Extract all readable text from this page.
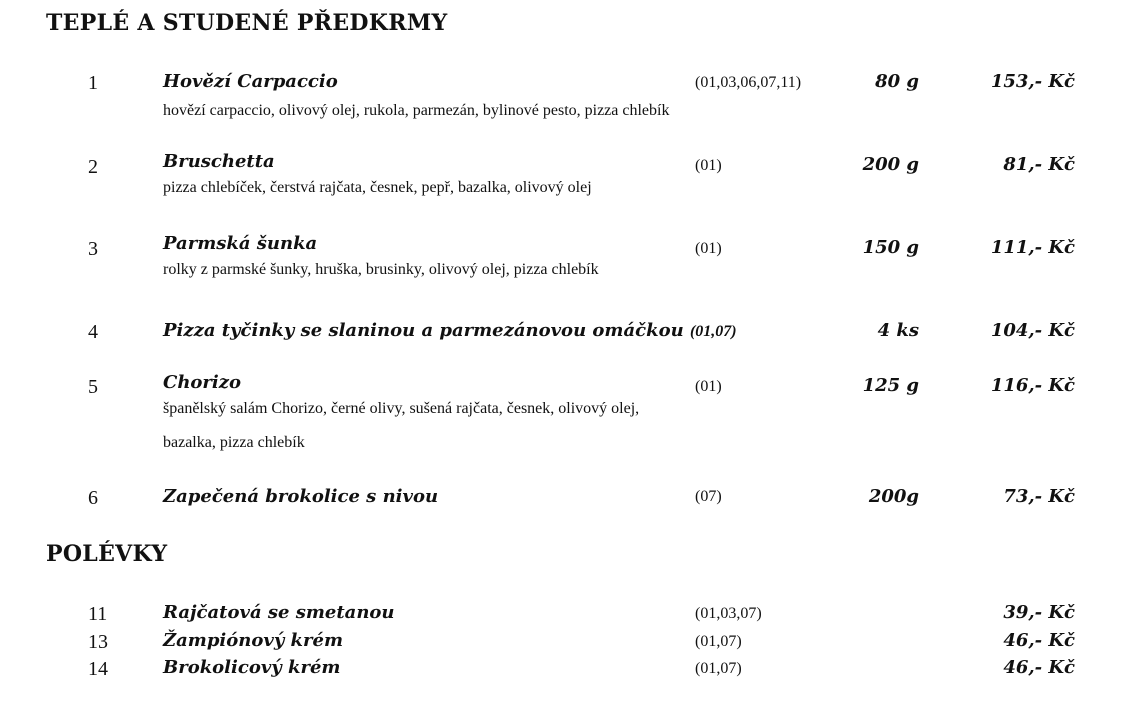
TEPLÉ A STUDENÉ PŘEDKRMY
1	Hovězí Carpaccio	(01,03,06,07,11)	80 g	153,- Kč
hovězí carpaccio, olivový olej, rukola, parmezán, bylinové pesto, pizza chlebík
2	Bruschetta	(01)	200 g	81,- Kč
pizza chlebíček, čerstvá rajčata, česnek, pepř, bazalka, olivový olej
3	Parmská šunka	(01)	150 g	111,- Kč
rolky z parmské šunky, hruška, brusinky, olivový olej, pizza chlebík
4	Pizza tyčinky se slaninou a parmezánovou omáčkou (01,07)	4 ks	104,- Kč
5	Chorizo	(01)	125 g	116,- Kč
španělský salám Chorizo, černé olivy, sušená rajčata, česnek, olivový olej,
bazalka, pizza chlebík
6	Zapečená brokolice s nivou	(07)	200g	73,- Kč
POLÉVKY
11	Rajčatová se smetanou	(01,03,07)	39,- Kč
13	Žampiónový krém	(01,07)	46,- Kč
14	Brokolicový krém	(01,07)	46,- Kč
